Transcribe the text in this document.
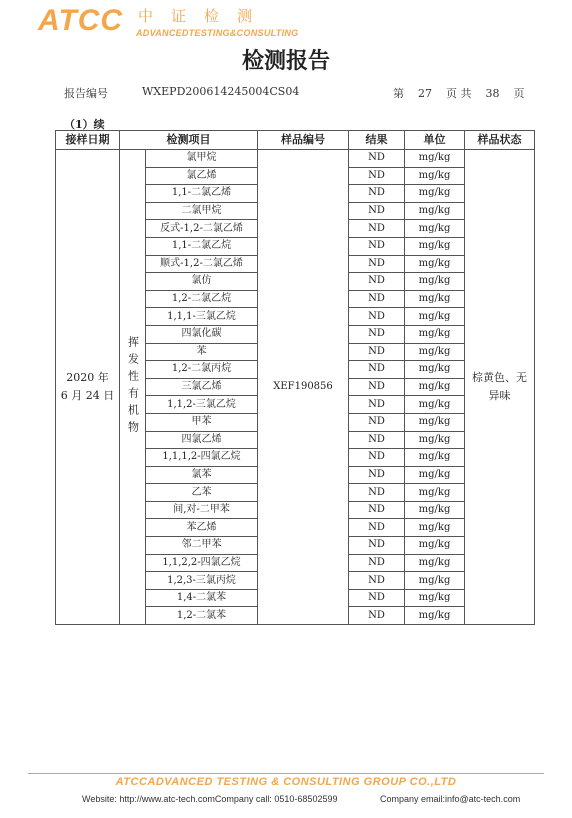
ATCC 中证检测
ADVANCEDTESTING&CONSULTING
检测报告
报告编号	WXEPD200614245004CS04	第 27 页 共 38 页
（1）续
接样日期	检测项目		样品编号	结果	单位	样品状态
2020 年
6 月 24 日	挥发性有机物	氯甲烷	XEF190856	ND	mg/kg	棕黄色、无异味
		氯乙烯		ND	mg/kg	
		1,1-二氯乙烯		ND	mg/kg	
		二氯甲烷		ND	mg/kg	
		反式-1,2-二氯乙烯		ND	mg/kg	
		1,1-二氯乙烷		ND	mg/kg	
		顺式-1,2-二氯乙烯		ND	mg/kg	
		氯仿		ND	mg/kg	
		1,2-二氯乙烷		ND	mg/kg	
		1,1,1-三氯乙烷		ND	mg/kg	
		四氯化碳		ND	mg/kg	
		苯		ND	mg/kg	
		1,2-二氯丙烷		ND	mg/kg	
		三氯乙烯		ND	mg/kg	
		1,1,2-三氯乙烷		ND	mg/kg	
		甲苯		ND	mg/kg	
		四氯乙烯		ND	mg/kg	
		1,1,1,2-四氯乙烷		ND	mg/kg	
		氯苯		ND	mg/kg	
		乙苯		ND	mg/kg	
		间,对-二甲苯		ND	mg/kg	
		苯乙烯		ND	mg/kg	
		邻二甲苯		ND	mg/kg	
		1,1,2,2-四氯乙烷		ND	mg/kg	
		1,2,3-三氯丙烷		ND	mg/kg	
		1,4-二氯苯		ND	mg/kg	
		1,2-二氯苯		ND	mg/kg	
ATCCADVANCED TESTING & CONSULTING GROUP CO.,LTD
Website: http://www.atc-tech.comCompany call: 0510-68502599	Company email:info@atc-tech.com
